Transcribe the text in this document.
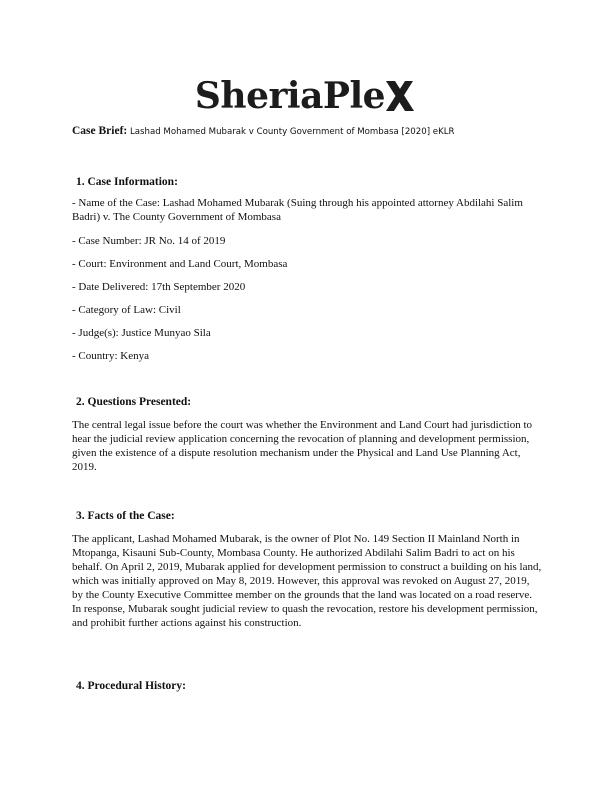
SheriaPle
Case Brief: Lashad Mohamed Mubarak v County Government of Mombasa [2020] eKLR
1. Case Information:

- Name of the Case: Lashad Mohamed Mubarak (Suing through his appointed attorney Abdilahi Salim Badri) v. The County Government of Mombasa

- Case Number: JR No. 14 of 2019

- Court: Environment and Land Court, Mombasa

- Date Delivered: 17th September 2020

- Category of Law: Civil

- Judge(s): Justice Munyao Sila

- Country: Kenya

2. Questions Presented:

The central legal issue before the court was whether the Environment and Land Court had jurisdiction to hear the judicial review application concerning the revocation of planning and development permission, given the existence of a dispute resolution mechanism under the Physical and Land Use Planning Act, 2019.

3. Facts of the Case:

The applicant, Lashad Mohamed Mubarak, is the owner of Plot No. 149 Section II Mainland North in Mtopanga, Kisauni Sub-County, Mombasa County. He authorized Abdilahi Salim Badri to act on his behalf. On April 2, 2019, Mubarak applied for development permission to construct a building on his land, which was initially approved on May 8, 2019. However, this approval was revoked on August 27, 2019, by the County Executive Committee member on the grounds that the land was located on a road reserve. In response, Mubarak sought judicial review to quash the revocation, restore his development permission, and prohibit further actions against his construction.

4. Procedural History:
